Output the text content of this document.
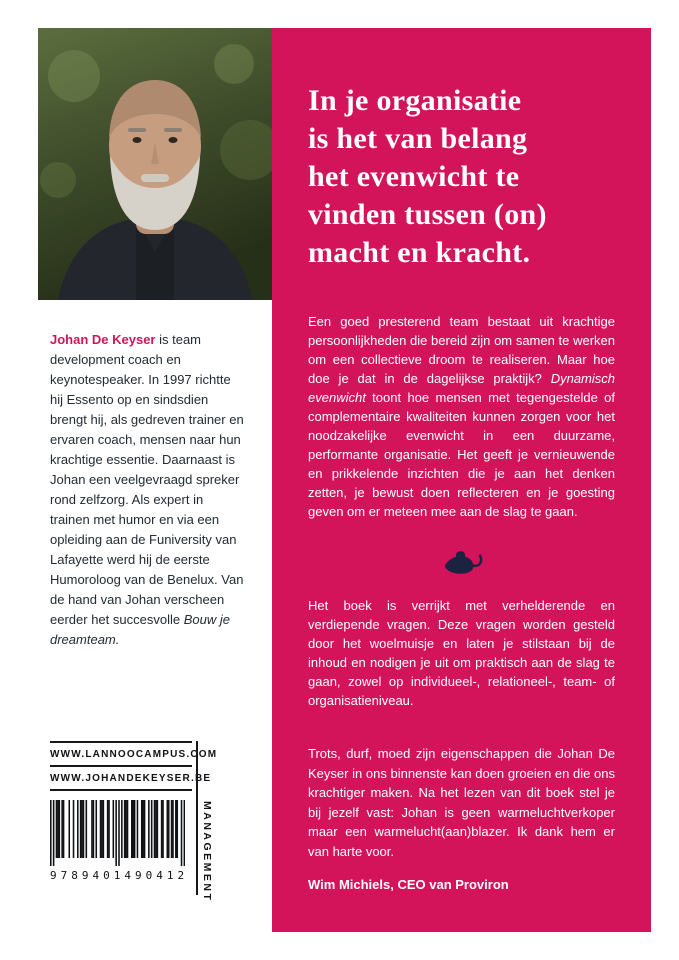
In je organisatie
is het van belang
het evenwicht te
vinden tussen (on)
macht en kracht.

Een goed presterend team bestaat uit krachtige persoonlijkheden die bereid zijn om samen te werken om een collectieve droom te realiseren. Maar hoe doe je dat in de dagelijkse praktijk? Dynamisch evenwicht toont hoe mensen met tegengestelde of complementaire kwaliteiten kunnen zorgen voor het noodzakelijke evenwicht in een duurzame, performante organisatie. Het geeft je vernieuwende en prikkelende inzichten die je aan het denken zetten, je bewust doen reflecteren en je goesting geven om er meteen mee aan de slag te gaan.

Het boek is verrijkt met verhelderende en verdiepende vragen. Deze vragen worden gesteld door het woelmuisje en laten je stilstaan bij de inhoud en nodigen je uit om praktisch aan de slag te gaan, zowel op individueel-, relationeel-, team- of organisatieniveau.

Trots, durf, moed zijn eigenschappen die Johan De Keyser in ons binnenste kan doen groeien en die ons krachtiger maken. Na het lezen van dit boek stel je bij jezelf vast: Johan is geen warmeluchtverkoper maar een warmelucht(aan)blazer. Ik dank hem er van harte voor.

Wim Michiels, CEO van Proviron

Johan De Keyser is team development coach en keynotespeaker. In 1997 richtte hij Essento op en sindsdien brengt hij, als gedreven trainer en ervaren coach, mensen naar hun krachtige essentie. Daarnaast is Johan een veelgevraagd spreker rond zelfzorg. Als expert in trainen met humor en via een opleiding aan de Funiversity van Lafayette werd hij de eerste Humoroloog van de Benelux. Van de hand van Johan verscheen eerder het succesvolle Bouw je dreamteam.

WWW.LANNOOCAMPUS.COM
WWW.JOHANDEKEYSER.BE
9789401490412 MANAGEMENT
